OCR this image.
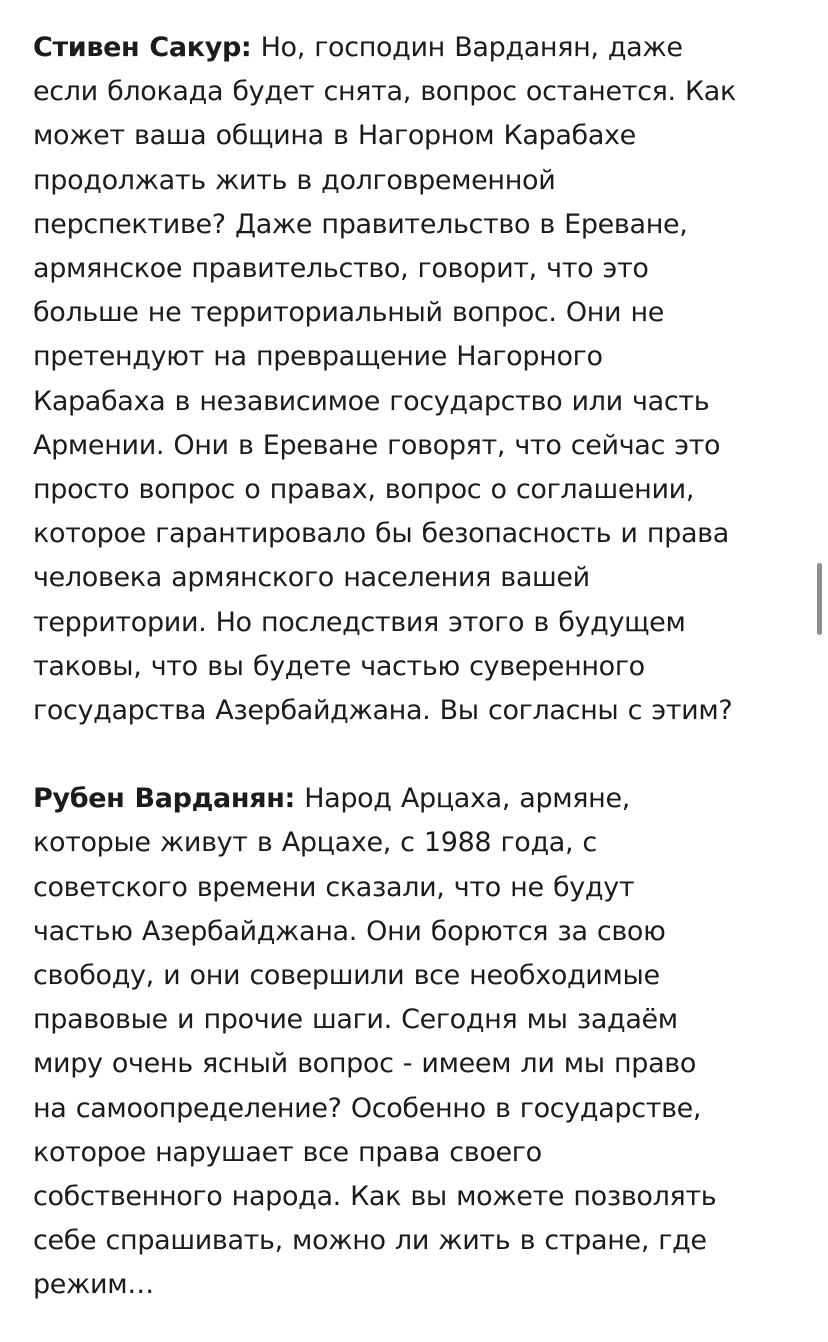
Стивен Сакур: Но, господин Варданян, даже
если блокада будет снята, вопрос останется. Как
может ваша община в Нагорном Карабахе
продолжать жить в долговременной
перспективе? Даже правительство в Ереване,
армянское правительство, говорит, что это
больше не территориальный вопрос. Они не
претендуют на превращение Нагорного
Карабаха в независимое государство или часть
Армении. Они в Ереване говорят, что сейчас это
просто вопрос о правах, вопрос о соглашении,
которое гарантировало бы безопасность и права
человека армянского населения вашей
территории. Но последствия этого в будущем
таковы, что вы будете частью суверенного
государства Азербайджана. Вы согласны с этим?

Рубен Варданян: Народ Арцаха, армяне,
которые живут в Арцахе, с 1988 года, с
советского времени сказали, что не будут
частью Азербайджана. Они борются за свою
свободу, и они совершили все необходимые
правовые и прочие шаги. Сегодня мы задаём
миру очень ясный вопрос - имеем ли мы право
на самоопределение? Особенно в государстве,
которое нарушает все права своего
собственного народа. Как вы можете позволять
себе спрашивать, можно ли жить в стране, где
режим…
